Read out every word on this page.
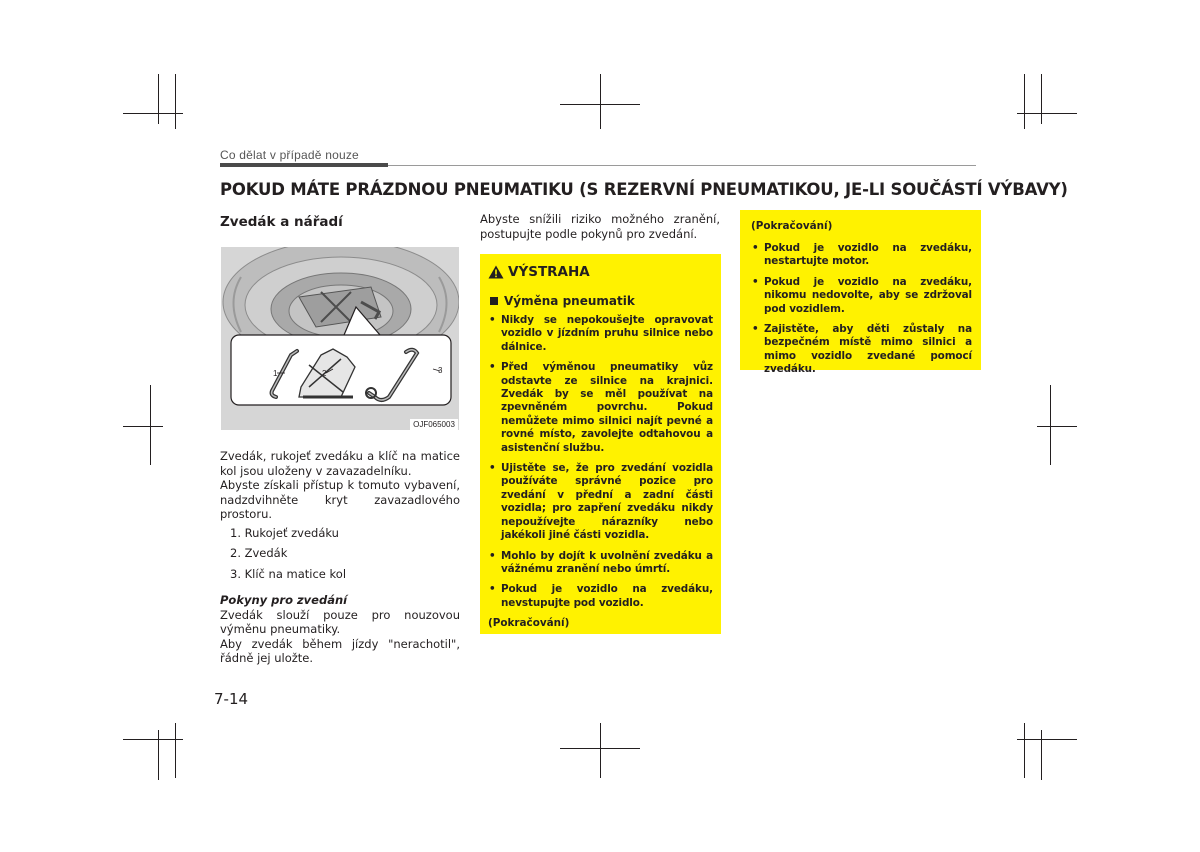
Co dělat v případě nouze
POKUD MÁTE PRÁZDNOU PNEUMATIKU (S REZERVNÍ PNEUMATIKOU, JE-LI SOUČÁSTÍ VÝBAVY)
Zvedák a nářadí
1	2	3
OJF065003

Zvedák, rukojeť zvedáku a klíč na matice kol jsou uloženy v zavazadelníku.

Abyste získali přístup k tomuto vybavení, nadzdvihněte kryt zavazadlového prostoru.

1. Rukojeť zvedáku
2. Zvedák
3. Klíč na matice kol

Pokyny pro zvedání

Zvedák slouží pouze pro nouzovou výměnu pneumatiky.

Aby zvedák během jízdy "nerachotil", řádně jej uložte.

Abyste snížili riziko možného zranění, postupujte podle pokynů pro zvedání.

VÝSTRAHA
Výměna pneumatik
• Nikdy se nepokoušejte opravovat vozidlo v jízdním pruhu silnice nebo dálnice.
• Před výměnou pneumatiky vůz odstavte ze silnice na krajnici. Zvedák by se měl používat na zpevněném povrchu. Pokud nemůžete mimo silnici najít pevné a rovné místo, zavolejte odtahovou a asistenční službu.
• Ujistěte se, že pro zvedání vozidla používáte správné pozice pro zvedání v přední a zadní části vozidla; pro zapření zvedáku nikdy nepoužívejte nárazníky nebo jakékoli jiné části vozidla.
• Mohlo by dojít k uvolnění zvedáku a vážnému zranění nebo úmrtí.
• Pokud je vozidlo na zvedáku, nevstupujte pod vozidlo.
(Pokračování)
(Pokračování)
• Pokud je vozidlo na zvedáku, nestartujte motor.
• Pokud je vozidlo na zvedáku, nikomu nedovolte, aby se zdržoval pod vozidlem.
• Zajistěte, aby děti zůstaly na bezpečném místě mimo silnici a mimo vozidlo zvedané pomocí zvedáku.
7-14
